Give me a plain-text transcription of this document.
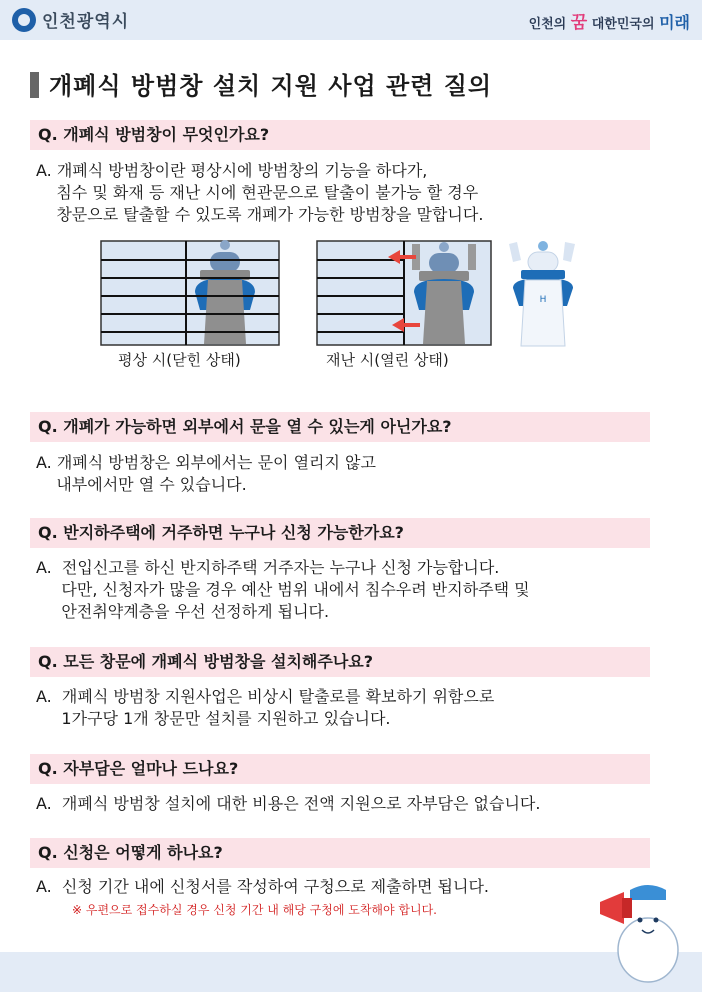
인천광역시	인천의 꿈 대한민국의 미래
개폐식 방범창 설치 지원 사업 관련 질의
Q. 개폐식 방범창이 무엇인가요?
A. 개폐식 방범창이란 평상시에 방범창의 기능을 하다가,
침수 및 화재 등 재난 시에 현관문으로 탈출이 불가능 할 경우
창문으로 탈출할 수 있도록 개폐가 가능한 방범창을 말합니다.
평상 시(닫힌 상태)	재난 시(열린 상태)
H
Q. 개폐가 가능하면 외부에서 문을 열 수 있는게 아닌가요?
A. 개폐식 방범창은 외부에서는 문이 열리지 않고
내부에서만 열 수 있습니다.
Q. 반지하주택에 거주하면 누구나 신청 가능한가요?
A.  전입신고를 하신 반지하주택 거주자는 누구나 신청 가능합니다.
다만, 신청자가 많을 경우 예산 범위 내에서 침수우려 반지하주택 및
안전취약계층을 우선 선정하게 됩니다.
Q. 모든 창문에 개폐식 방범창을 설치해주나요?
A.  개폐식 방범창 지원사업은 비상시 탈출로를 확보하기 위함으로
1가구당 1개 창문만 설치를 지원하고 있습니다.
Q. 자부담은 얼마나 드나요?
A.  개폐식 방범창 설치에 대한 비용은 전액 지원으로 자부담은 없습니다.
Q. 신청은 어떻게 하나요?
A.  신청 기간 내에 신청서를 작성하여 구청으로 제출하면 됩니다.
※ 우편으로 접수하실 경우 신청 기간 내 해당 구청에 도착해야 합니다.
